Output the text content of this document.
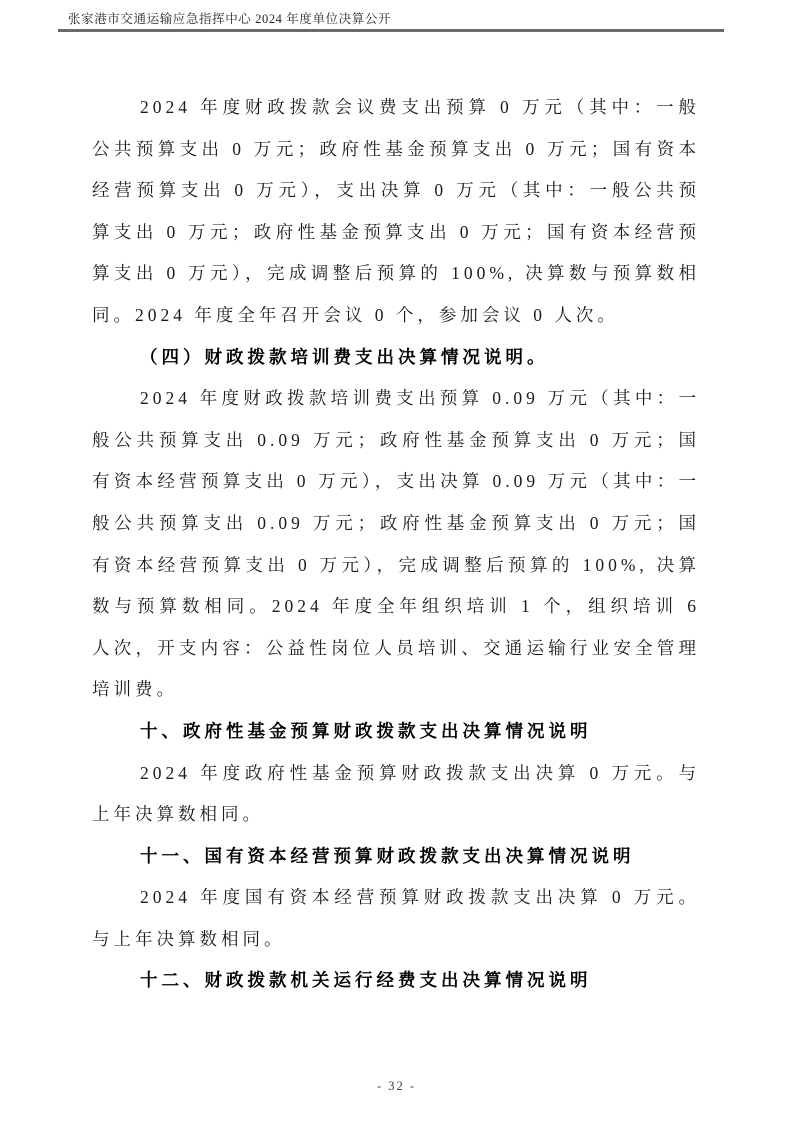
张家港市交通运输应急指挥中心 2024 年度单位决算公开

2024 年度财政拨款会议费支出预算 0 万元（其中：一般公共预算支出 0 万元；政府性基金预算支出 0 万元；国有资本经营预算支出 0 万元），支出决算 0 万元（其中：一般公共预算支出 0 万元；政府性基金预算支出 0 万元；国有资本经营预算支出 0 万元），完成调整后预算的 100%, 决算数与预算数相同。2024 年度全年召开会议 0 个，参加会议 0 人次。

（四）财政拨款培训费支出决算情况说明。

2024 年度财政拨款培训费支出预算 0.09 万元（其中：一般公共预算支出 0.09 万元；政府性基金预算支出 0 万元；国有资本经营预算支出 0 万元），支出决算 0.09 万元（其中：一般公共预算支出 0.09 万元；政府性基金预算支出 0 万元；国有资本经营预算支出 0 万元），完成调整后预算的 100%, 决算数与预算数相同。2024 年度全年组织培训 1 个，组织培训 6 人次，开支内容：公益性岗位人员培训、交通运输行业安全管理培训费。

十、政府性基金预算财政拨款支出决算情况说明

2024 年度政府性基金预算财政拨款支出决算 0 万元。与上年决算数相同。

十一、国有资本经营预算财政拨款支出决算情况说明

2024 年度国有资本经营预算财政拨款支出决算 0 万元。与上年决算数相同。

十二、财政拨款机关运行经费支出决算情况说明

- 32 -
